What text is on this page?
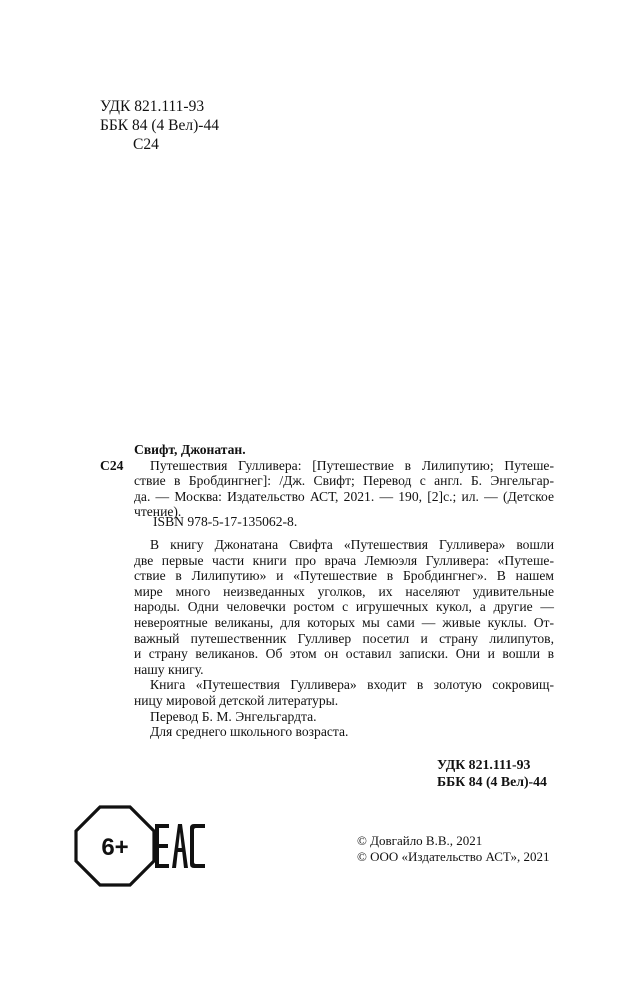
УДК 821.111-93
ББК 84 (4 Вел)-44
С24
Свифт, Джонатан.
С24	Путешествия Гулливера: [Путешествие в Лилипутию; Путеше-
ствие в Бробдингнег]: /Дж. Свифт; Перевод с англ. Б. Энгельгар-
да. — Москва: Издательство АСТ, 2021. — 190, [2]с.; ил. — (Детское
чтение).
ISBN 978-5-17-135062-8.
В книгу Джонатана Свифта «Путешествия Гулливера» вошли
две первые части книги про врача Лемюэля Гулливера: «Путеше-
ствие в Лилипутию» и «Путешествие в Бробдингнег». В нашем
мире много неизведанных уголков, их населяют удивительные
народы. Одни человечки ростом с игрушечных кукол, а другие —
невероятные великаны, для которых мы сами — живые куклы. От-
важный путешественник Гулливер посетил и страну лилипутов,
и страну великанов. Об этом он оставил записки. Они и вошли в
нашу книгу.
Книга «Путешествия Гулливера» входит в золотую сокровищ-
ницу мировой детской литературы.
Перевод Б. М. Энгельгардта.
Для среднего школьного возраста.
УДК 821.111-93
ББК 84 (4 Вел)-44
6+	© Довгайло В.В., 2021
© ООО «Издательство АСТ», 2021
